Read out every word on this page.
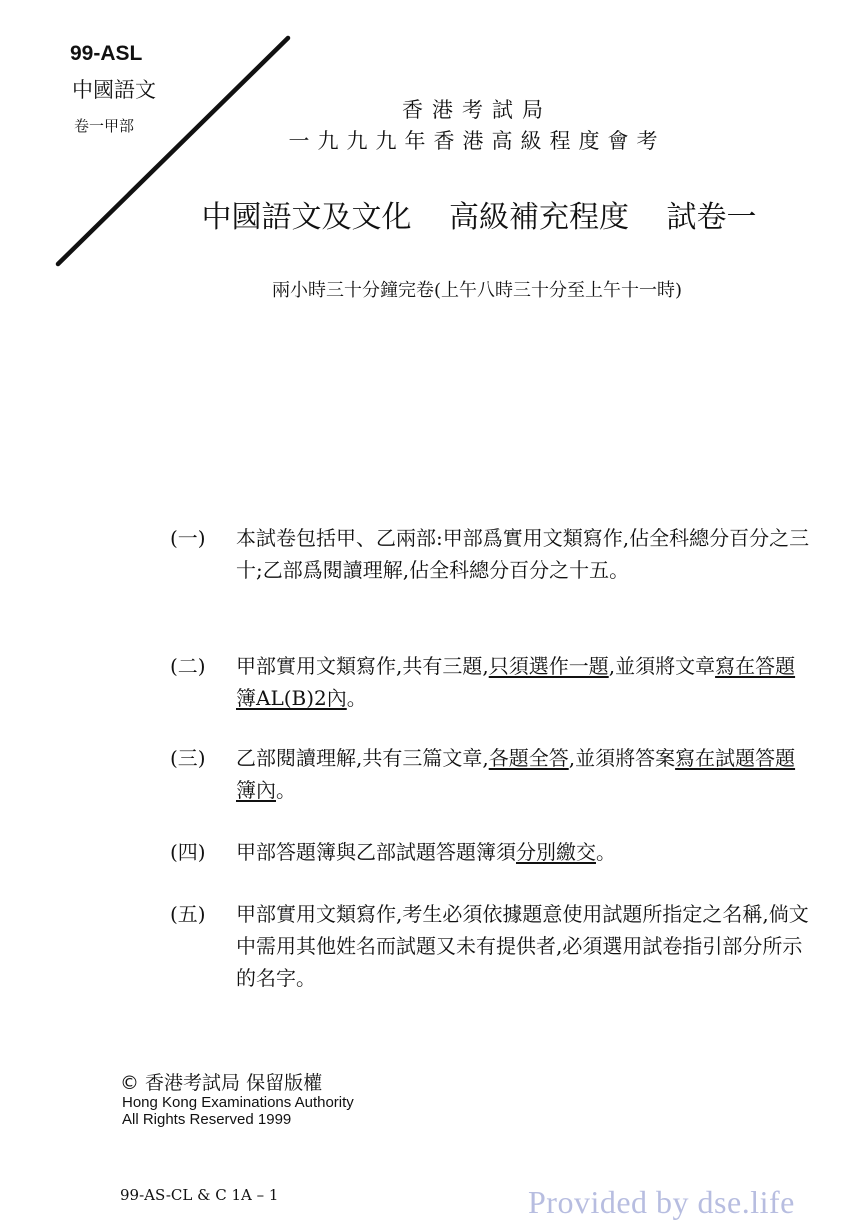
99-ASL
中國語文
卷一甲部
香港考試局
一九九九年香港高級程度會考
中國語文及文化 高級補充程度 試卷一
兩小時三十分鐘完卷(上午八時三十分至上午十一時)
(一)	本試卷包括甲、乙兩部:甲部爲實用文類寫作,佔全科總分百分之三十;乙部爲閱讀理解,佔全科總分百分之十五。
(二)	甲部實用文類寫作,共有三題,只須選作一題,並須將文章寫在答題簿AL(B)2內。
(三)	乙部閱讀理解,共有三篇文章,各題全答,並須將答案寫在試題答題簿內。
(四)	甲部答題簿與乙部試題答題簿須分別繳交。
(五)	甲部實用文類寫作,考生必須依據題意使用試題所指定之名稱,倘文中需用其他姓名而試題又未有提供者,必須選用試卷指引部分所示的名字。
© 香港考試局 保留版權
Hong Kong Examinations Authority
All Rights Reserved 1999
99-AS-CL & C 1A – 1	Provided by dse.life
